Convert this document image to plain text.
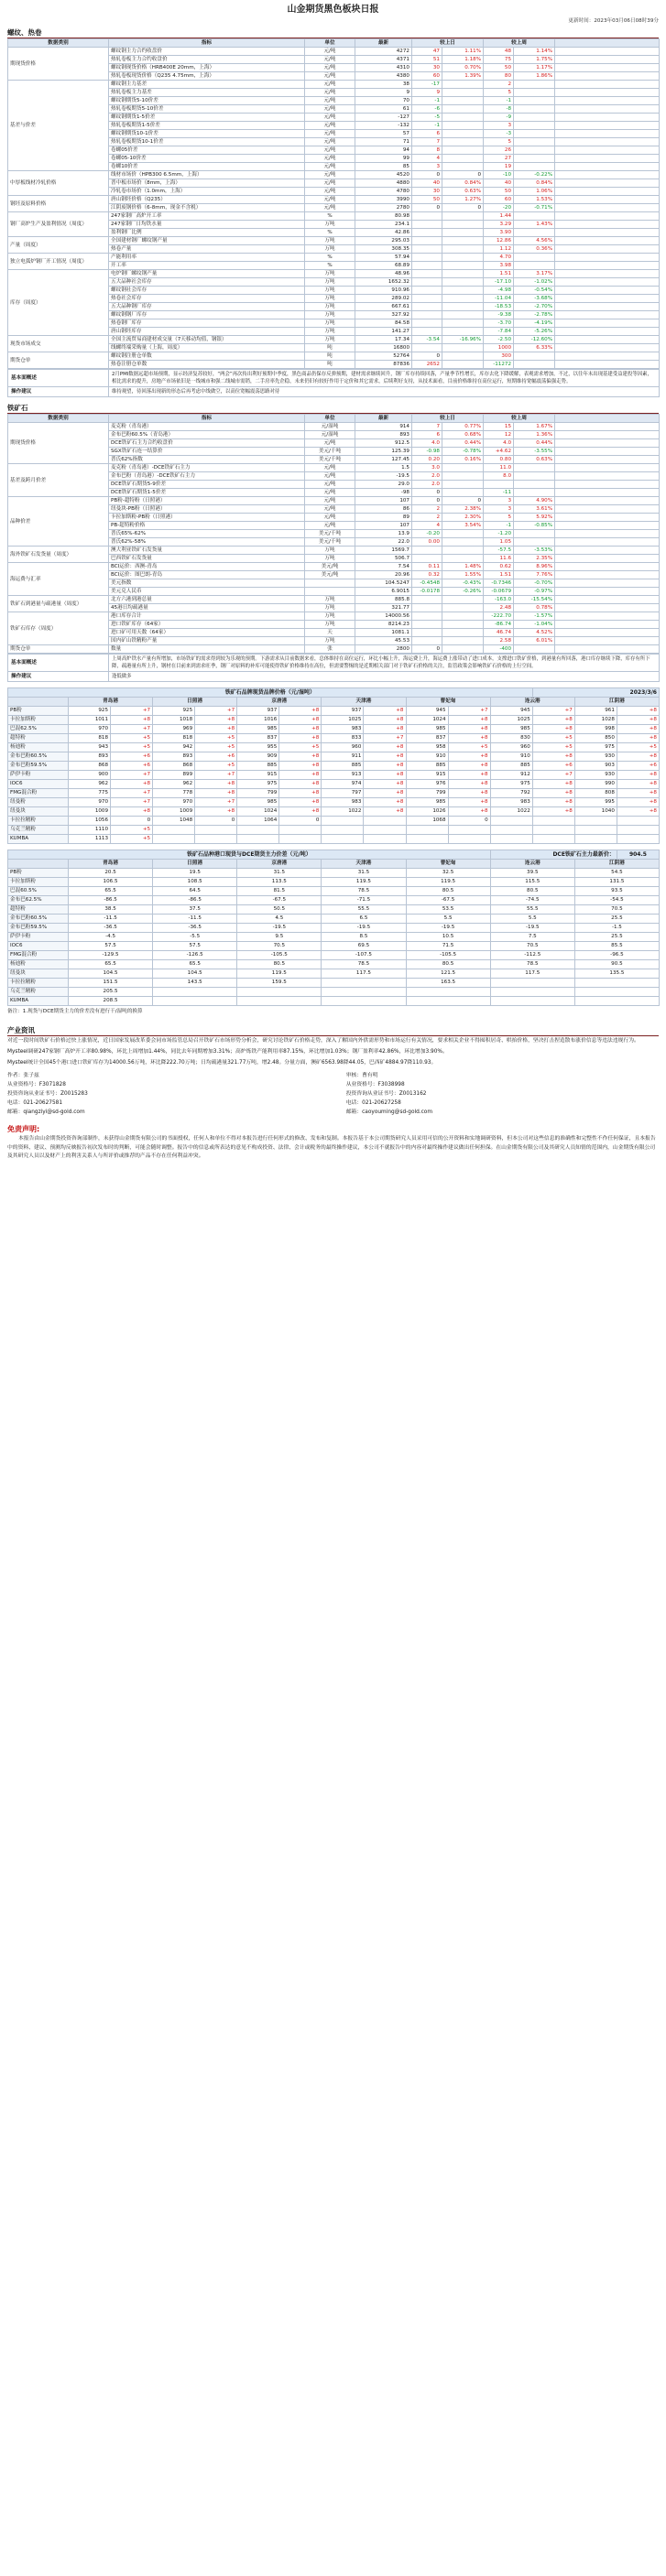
山金期货黑色板块日报
更新时间：2023年03月06日08时39分
螺纹、热卷
数据类别	指标	单位	最新	较上日		较上周		
期现货价格	螺纹钢主力合约收盘价	元/吨	4272	47	1.11%	48	1.14%	
	热轧卷板主力合约收盘价	元/吨	4371	51	1.18%	75	1.75%	
	螺纹钢现货价格（HRB400E 20mm，上海）	元/吨	4310	30	0.70%	50	1.17%	
	热轧卷板现货价格（Q235 4.75mm，上海）	元/吨	4380	60	1.39%	80	1.86%	
基差与价差	螺纹钢主力基差	元/吨	38	-17		2		
	热轧卷板主力基差	元/吨	9	9		5		
	螺纹钢期货5-10价差	元/吨	70	-1		-1		
	热轧卷板期货5-10价差	元/吨	61	-6		-8		
	螺纹钢期货1-5价差	元/吨	-127	-5		-9		
	热轧卷板期货1-5价差	元/吨	-132	-1		3		
	螺纹钢期货10-1价差	元/吨	57	6		-3		
	热轧卷板期货10-1价差	元/吨	71	7		5		
	卷螺05价差	元/吨	94	8		26		
	卷螺05-10价差	元/吨	99	4		27		
	卷螺10价差	元/吨	85	3		19		
中厚板线材冷轧价格	线材市场价（HPB300 6.5mm，上海）	元/吨	4520	0	0	-10	-0.22%	
	普中板市场价（8mm，上海）	元/吨	4880	40	0.84%	40	0.84%	
	冷轧卷市场价（1.0mm，上海）	元/吨	4780	30	0.63%	50	1.06%	
钢坯及原料价格	唐山钢坯价格（Q235）	元/吨	3990	50	1.27%	60	1.53%	
	江阴废钢价格（6-8mm，现金不含税）	元/吨	2780	0	0	-20	-0.71%	
钢厂高炉生产及盈利情况（周度）	247家钢厂高炉开工率	%	80.98			1.44		
	247家钢厂日均铁水量	万吨	234.1			3.29	1.43%	
	盈利钢厂比例	%	42.86			3.90		
产量（周度）	全国建材钢厂螺纹钢产量	万吨	295.03			12.86	4.56%	
	热卷产量	万吨	308.35			1.12	0.36%	
独立电弧炉钢厂开工情况（周度）	产能利用率	%	57.94			4.70		
	开工率	%	68.89			3.98		
库存（周度）	电炉钢厂螺纹钢产量	万吨	48.96			1.51	3.17%	
	五大品种社会库存	万吨	1652.32			-17.10	-1.02%	
	螺纹钢社会库存	万吨	910.96			-4.98	-0.54%	
	热卷社会库存	万吨	289.02			-11.04	-3.68%	
	五大品种钢厂库存	万吨	667.61			-18.53	-2.70%	
	螺纹钢钢厂库存	万吨	327.92			-9.38	-2.78%	
	热卷钢厂库存	万吨	84.58			-3.70	-4.19%	
	唐山钢坯库存	万吨	141.27			-7.84	-5.26%	
现货市场成交	全国主流贸易商建材成交量（7天移动均值，钢银）	万吨	17.34	-3.54	-16.96%	-2.50	-12.60%	
	线螺终端采购量（上海，周度）	吨	16800			1000	6.33%	
期货仓单	螺纹钢注册仓单数	吨	52764	0		300		
	热卷注册仓单数	吨	87836	2652		-11272		
基本面概述	2月PMI数据远超市场预期，显示经济复苏较好，“两会”再次传出利好预期中季度，黑色商品仍保存反弹预期，建材需求继续回升，钢厂库存持续回落，产量季节性增长，库存去化下降缓解，表观需求增加，不过，以往年末出现基建受益建投等因素，相比需求的提升，房地产市场依旧是一线城市和强二线城市需销，二手房率先企稳，未来仍旧有较好作用于定价和其它需求，后续利好支持，从技术面看，目前价格维持在高位运行，短期维持宽幅震荡偏强走势。
操作建议	维持观望，待回落出现新的形态后再考虑中线做空，以高位宽幅震荡思路对待
铁矿石
数据类别	指标	单位	最新	较上日		较上周		
期现货价格	麦克粉（青岛港）	元/湿吨	914	7	0.77%	15	1.67%	
	金布巴粉60.5%（青岛港）	元/湿吨	893	6	0.68%	12	1.36%	
	DCE铁矿石主力合约收盘价	元/吨	912.5	4.0	0.44%	4.0	0.44%	
	SGX铁矿石连一结算价	美元/千吨	125.39	-0.98	-0.78%	+4.62	-3.55%	
	普氏62%指数	美元/千吨	127.45	0.20	0.16%	0.80	0.63%	
基差及跨月价差	麦克粉（青岛港）-DCE铁矿石主力	元/吨	1.5	3.0		11.0		
	金布巴粉（青岛港）-DCE铁矿石主力	元/吨	-19.5	2.0		8.0		
	DCE铁矿石期货5-9价差	元/吨	29.0	2.0				
	DCE铁矿石期货1-5价差	元/吨	-98	0		-11		
品种价差	PB粉-超特粉（日照港）	元/吨	107	0	0	3	4.90%	
	纽曼块-PB粉（日照港）	元/吨	86	2	2.38%	3	3.61%	
	卡拉加斯粉-PB粉（日照港）	元/吨	89	2	2.30%	5	5.92%	
	PB-超特粉价格	元/吨	107	4	3.54%	-1	-0.85%	
	普氏65%-62%	美元/千吨	13.9	-0.20		-1.20		
	普氏62%-58%	美元/千吨	22.0	0.00		1.05		
海外铁矿石发货量（周度）	澳大利亚铁矿石发货量	万吨	1569.7			-57.5	-3.53%	
	巴西铁矿石发货量	万吨	506.7			11.6	2.35%	
海运费与汇率	BCI运价：西澳-青岛	美元/吨	7.54	0.11	1.48%	0.62	8.96%	
	BCI运价：图巴朗-青岛	美元/吨	20.96	0.32	1.55%	1.51	7.76%	
	美元指数		104.5247	-0.4548	-0.43%	-0.7346	-0.70%	
	美元兑人民币		6.9015	-0.0178	-0.26%	-0.0679	-0.97%	
铁矿石到港量与疏港量（周度）	北方六港到港总量	万吨	885.8			-163.0	-15.54%	
	45港日均疏港量	万吨	321.77			2.48	0.78%	
铁矿石库存（周度）	港口库存合计	万吨	14000.56			-222.70	-1.57%	
	进口铁矿库存（64家）	万吨	8214.23			-86.74	-1.04%	
	进口矿可用天数（64家）	天	1081.1			46.74	4.52%	
	国内矿山铁精粉产量	万吨	45.53			2.58	6.01%	
期货仓单	数量	张	2800	0		-400		
基本面概述	上周高炉铁水产量有所增加，市场铁矿的需求得到较为乐观的预期。下游需求从目前数据来看，总体维持在高位运行，环比小幅上升，海运费上升，海运费上涨带动了进口成本，支撑进口铁矿价格，到港量有所回落，港口库存继续下降，库存有所下降，疏港量有所上升，钢材在目前来到需求旺季，钢厂对原料的补库可能使得铁矿价格维持在高位，但需要警惕的是近期相关部门对于铁矿石价格的关注，监管政策会影响铁矿石价格的上行空间。
操作建议	逢低做多
铁矿石品牌现货品牌价格（元/湿吨）												2023/3/6		
	青岛港		日照港		京唐港		天津港		曹妃甸		连云港		江阴港	
PB粉	925	+7	925	+7	937	+8	937	+8	945	+7	945	+7	961	+8
卡拉加斯粉	1011	+8	1018	+8	1016	+8	1025	+8	1024	+8	1025	+8	1028	+8
巴混62.5%	970	+7	969	+8	985	+8	983	+8	985	+8	985	+8	998	+8
超特粉	818	+5	818	+5	837	+8	833	+7	837	+8	830	+5	850	+8
杨迪粉	943	+5	942	+5	955	+5	960	+8	958	+5	960	+5	975	+5
金布巴粉60.5%	893	+6	893	+6	909	+8	911	+8	910	+8	910	+8	930	+8
金布巴粉59.5%	868	+6	868	+5	885	+8	885	+8	885	+8	885	+6	903	+6
萨伊卡粉	900	+7	899	+7	915	+8	913	+8	915	+8	912	+7	930	+8
IOC6	962	+8	962	+8	975	+8	974	+8	976	+8	975	+8	990	+8
FMG混合粉	775	+7	778	+8	799	+8	797	+8	799	+8	792	+8	808	+8
纽曼粉	970	+7	970	+7	985	+8	983	+8	985	+8	983	+8	995	+8
纽曼块	1009	+8	1009	+8	1024	+8	1022	+8	1026	+8	1022	+8	1040	+8
卡拉拉精粉	1056	0	1048	0	1064	0			1068	0				
乌克兰精粉	1110	+5												
KUMBA	1113	+5												
铁矿石品种港口现货与DCE期货主力价差（元/吨）						DCE铁矿石主力最新价：		904.5
	青岛港	日照港	京唐港	天津港	曹妃甸	连云港	江阴港	
PB粉	20.5	19.5	31.5	31.5	32.5	39.5	54.5	
卡拉加斯粉	106.5	108.5	113.5	119.5	119.5	115.5	131.5	
巴混60.5%	65.5	64.5	81.5	78.5	80.5	80.5	93.5	
金布巴62.5%	-86.5	-86.5	-67.5	-71.5	-67.5	-74.5	-54.5	
超特粉	38.5	37.5	50.5	55.5	53.5	55.5	70.5	
金布巴粉60.5%	-11.5	-11.5	4.5	6.5	5.5	5.5	25.5	
金布巴粉59.5%	-36.5	-36.5	-19.5	-19.5	-19.5	-19.5	-1.5	
萨伊卡粉	-4.5	-5.5	9.5	8.5	10.5	7.5	25.5	
IOC6	57.5	57.5	70.5	69.5	71.5	70.5	85.5	
FMG混合粉	-129.5	-126.5	-105.5	-107.5	-105.5	-112.5	-96.5	
杨迪粉	65.5	65.5	80.5	78.5	80.5	78.5	90.5	
纽曼块	104.5	104.5	119.5	117.5	121.5	117.5	135.5	
卡拉拉精粉	151.5	143.5	159.5		163.5			
乌克兰精粉	205.5							
KUMBA	208.5							
备注：1.现货与DCE期货主力的价差没有进行干/湿吨的换算
产业资讯
对近一段时间铁矿石价格过快上涨情况，近日国家发展改革委会同市场监管总局召开铁矿石市场形势分析会，研究讨论铁矿石价格走势，深入了解国内外供需形势和市场运行有关情况，要求相关企业不得囤积居奇、哄抬价格，坚决打击捏造散布涨价信息等违法违规行为。
Mysteel调研247家钢厂高炉开工率80.98%，环比上周增加1.44%，同比去年同期增加3.31%；高炉炼铁产能利用率87.15%，环比增加1.03%；钢厂盈利率42.86%，环比增加3.90%。
Mysteel统计全国45个港口进口铁矿库存为14000.56万吨，环比降222.70万吨；日均疏港量321.77万吨，增2.48。分量方面，澳矿6563.98降44.05，巴西矿4884.97降110.93。
作者：张子兹
从业资格号：F3071828
投资咨询从业证书号：Z0015283
电话：021-20627581
邮箱：qiangziyi@sd-gold.com
审核：曹有明
从业资格号：F3038998
投资咨询从业证书号：Z0013162
电话：021-20627258
邮箱：caoyouming@sd-gold.com
免责声明:
本报告由山金期货投资咨询部制作，未获得山金期货有限公司的书面授权，任何人和单位不得对本报告进行任何形式的修改、发布和复制。本报告基于本公司期货研究人员采用可信的公开资料和实地调研资料，但本公司对这些信息的准确性和完整性不作任何保证，且本报告中的资料、建议、预测均反映报告初次发布时的判断，可能会随时调整。报告中的信息或所表达的意见不构成投资、法律、会计或税务的最终操作建议，本公司不就报告中的内容对最终操作建议做出任何担保。在山金期货有限公司及其研究人员知情的范围内，山金期货有限公司及其研究人员以及财产上的利害关系人与所评价或推荐的产品不存在任何利益冲突。
